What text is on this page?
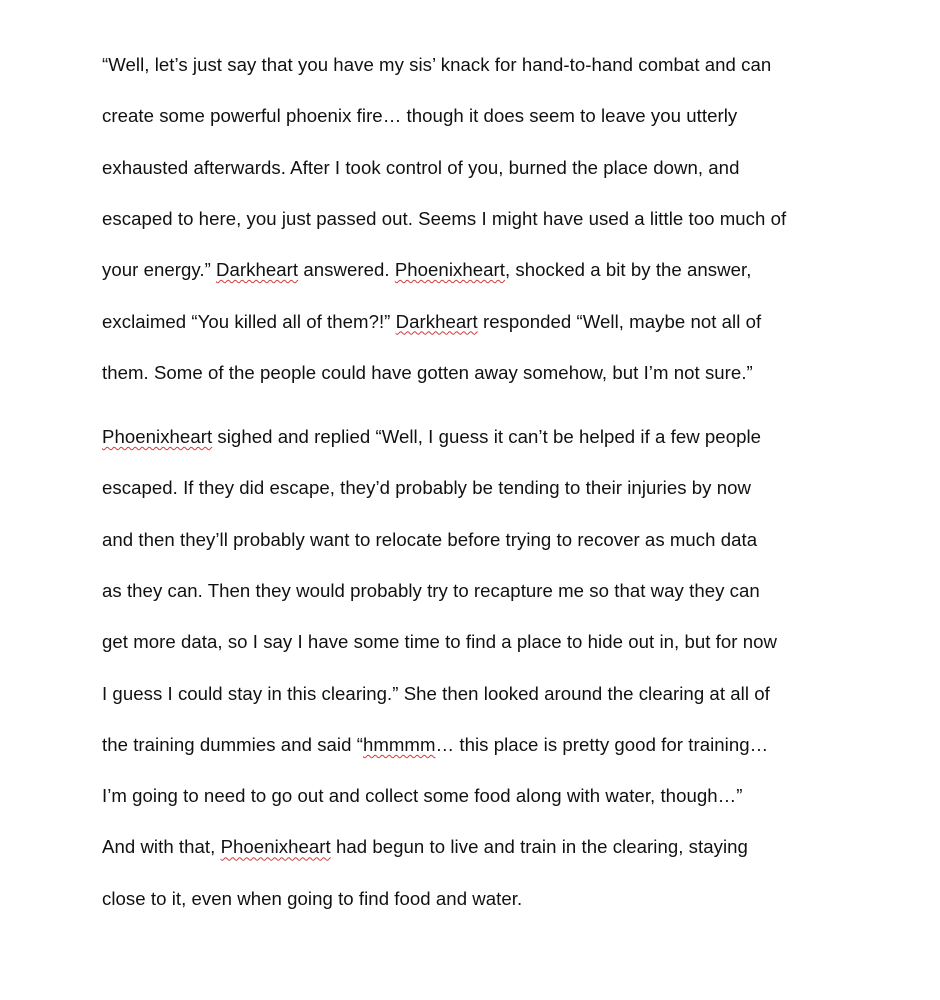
“Well, let’s just say that you have my sis’ knack for hand-to-hand combat and can
create some powerful phoenix fire… though it does seem to leave you utterly
exhausted afterwards. After I took control of you, burned the place down, and
escaped to here, you just passed out. Seems I might have used a little too much of
your energy.” Darkheart answered. Phoenixheart, shocked a bit by the answer,
exclaimed “You killed all of them?!” Darkheart responded “Well, maybe not all of
them. Some of the people could have gotten away somehow, but I’m not sure.”
Phoenixheart sighed and replied “Well, I guess it can’t be helped if a few people
escaped. If they did escape, they’d probably be tending to their injuries by now
and then they’ll probably want to relocate before trying to recover as much data
as they can. Then they would probably try to recapture me so that way they can
get more data, so I say I have some time to find a place to hide out in, but for now
I guess I could stay in this clearing.” She then looked around the clearing at all of
the training dummies and said “hmmmm… this place is pretty good for training…
I’m going to need to go out and collect some food along with water, though…”
And with that, Phoenixheart had begun to live and train in the clearing, staying
close to it, even when going to find food and water.
